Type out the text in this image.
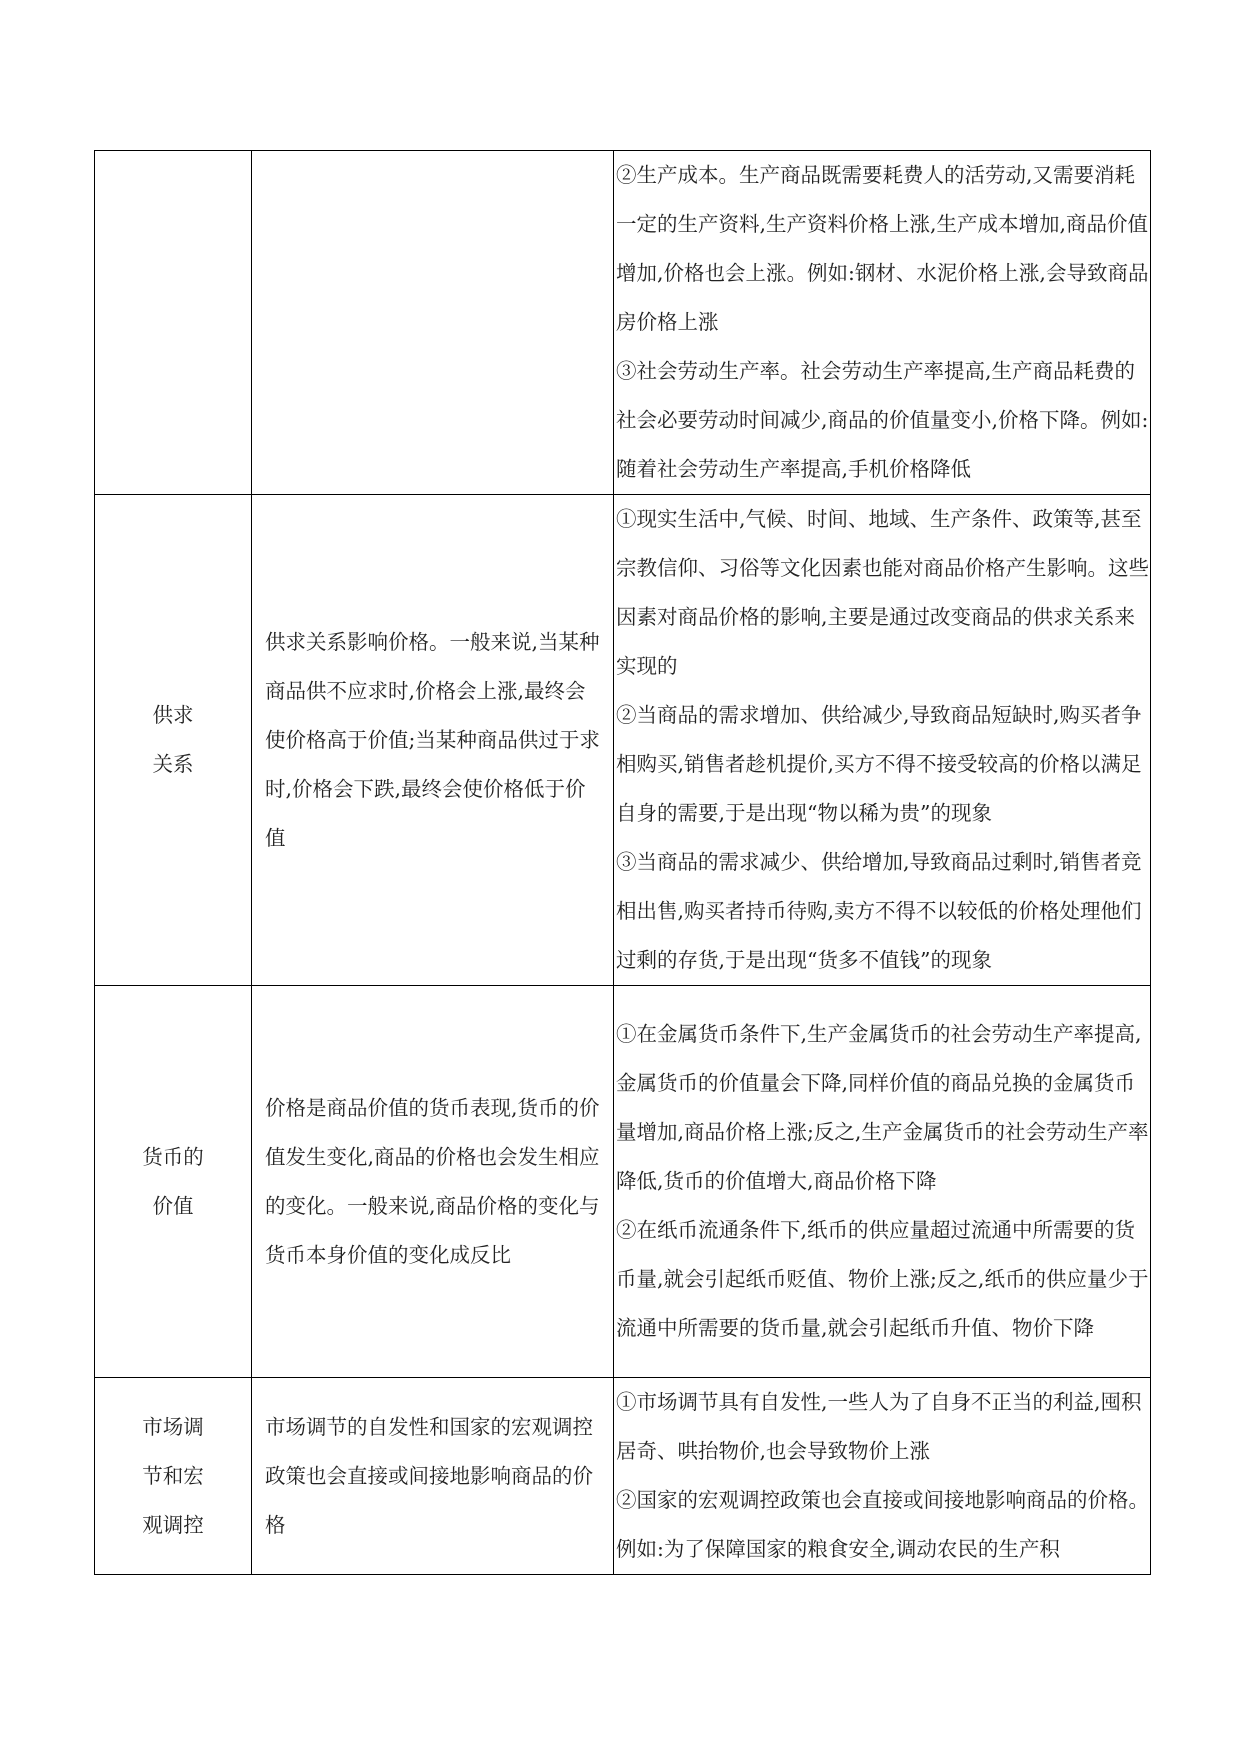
		②生产成本。生产商品既需要耗费人的活劳动,又需要消耗一定的生产资料,生产资料价格上涨,生产成本增加,商品价值增加,价格也会上涨。例如:钢材、水泥价格上涨,会导致商品房价格上涨
③社会劳动生产率。社会劳动生产率提高,生产商品耗费的社会必要劳动时间减少,商品的价值量变小,价格下降。例如:随着社会劳动生产率提高,手机价格降低

供求
关系	供求关系影响价格。一般来说,当某种商品供不应求时,价格会上涨,最终会使价格高于价值;当某种商品供过于求时,价格会下跌,最终会使价格低于价值	①现实生活中,气候、时间、地域、生产条件、政策等,甚至宗教信仰、习俗等文化因素也能对商品价格产生影响。这些因素对商品价格的影响,主要是通过改变商品的供求关系来实现的
②当商品的需求增加、供给减少,导致商品短缺时,购买者争相购买,销售者趁机提价,买方不得不接受较高的价格以满足自身的需要,于是出现“物以稀为贵”的现象
③当商品的需求减少、供给增加,导致商品过剩时,销售者竞相出售,购买者持币待购,卖方不得不以较低的价格处理他们过剩的存货,于是出现“货多不值钱”的现象

货币的
价值	价格是商品价值的货币表现,货币的价值发生变化,商品的价格也会发生相应的变化。一般来说,商品价格的变化与货币本身价值的变化成反比	①在金属货币条件下,生产金属货币的社会劳动生产率提高,金属货币的价值量会下降,同样价值的商品兑换的金属货币量增加,商品价格上涨;反之,生产金属货币的社会劳动生产率降低,货币的价值增大,商品价格下降
②在纸币流通条件下,纸币的供应量超过流通中所需要的货币量,就会引起纸币贬值、物价上涨;反之,纸币的供应量少于流通中所需要的货币量,就会引起纸币升值、物价下降

市场调
节和宏
观调控	市场调节的自发性和国家的宏观调控政策也会直接或间接地影响商品的价格	①市场调节具有自发性,一些人为了自身不正当的利益,囤积居奇、哄抬物价,也会导致物价上涨
②国家的宏观调控政策也会直接或间接地影响商品的价格。例如:为了保障国家的粮食安全,调动农民的生产积
